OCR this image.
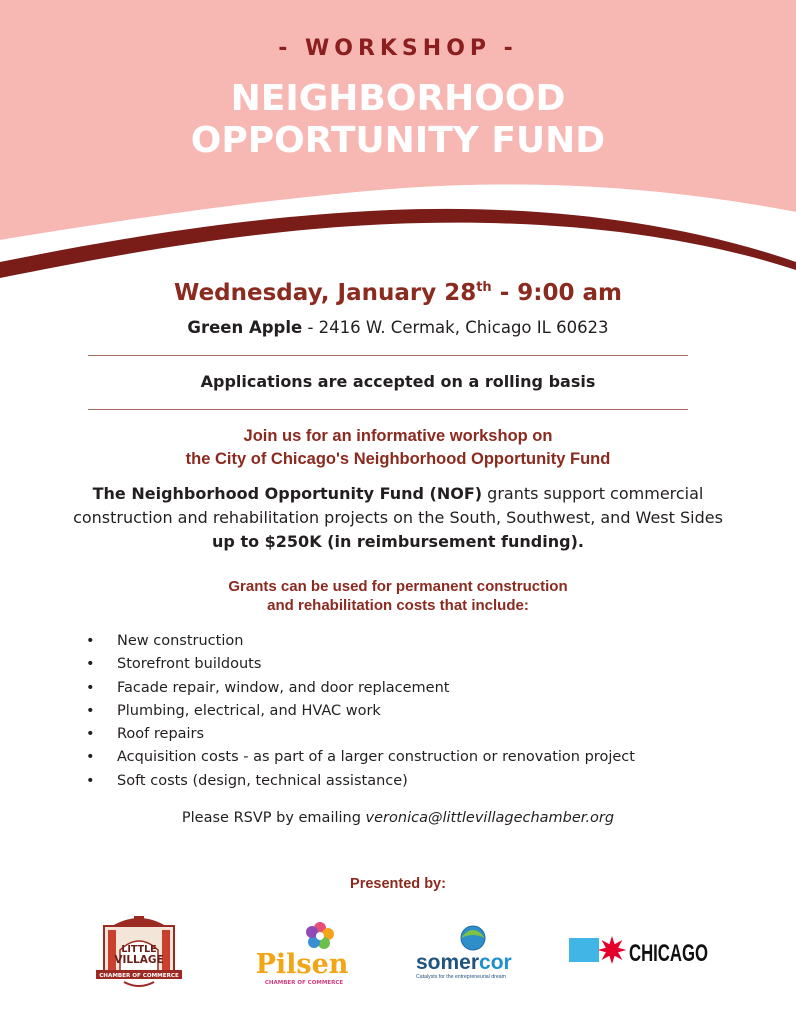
- WORKSHOP -
NEIGHBORHOOD
OPPORTUNITY FUND
Wednesday, January 28th - 9:00 am
Green Apple - 2416 W. Cermak, Chicago IL 60623
Applications are accepted on a rolling basis
Join us for an informative workshop on
the City of Chicago's Neighborhood Opportunity Fund
The Neighborhood Opportunity Fund (NOF) grants support commercial construction and rehabilitation projects on the South, Southwest, and West Sides up to $250K (in reimbursement funding).
Grants can be used for permanent construction
and rehabilitation costs that include:
• New construction
• Storefront buildouts
• Facade repair, window, and door replacement
• Plumbing, electrical, and HVAC work
• Roof repairs
• Acquisition costs - as part of a larger construction or renovation project
• Soft costs (design, technical assistance)
Please RSVP by emailing veronica@littlevillagechamber.org
Presented by:
LITTLE
VILLAGE
CHAMBER OF COMMERCE	Pilsen
CHAMBER OF COMMERCE
somercor
Catalysts for the entrepreneurial dream
CHICAGO
